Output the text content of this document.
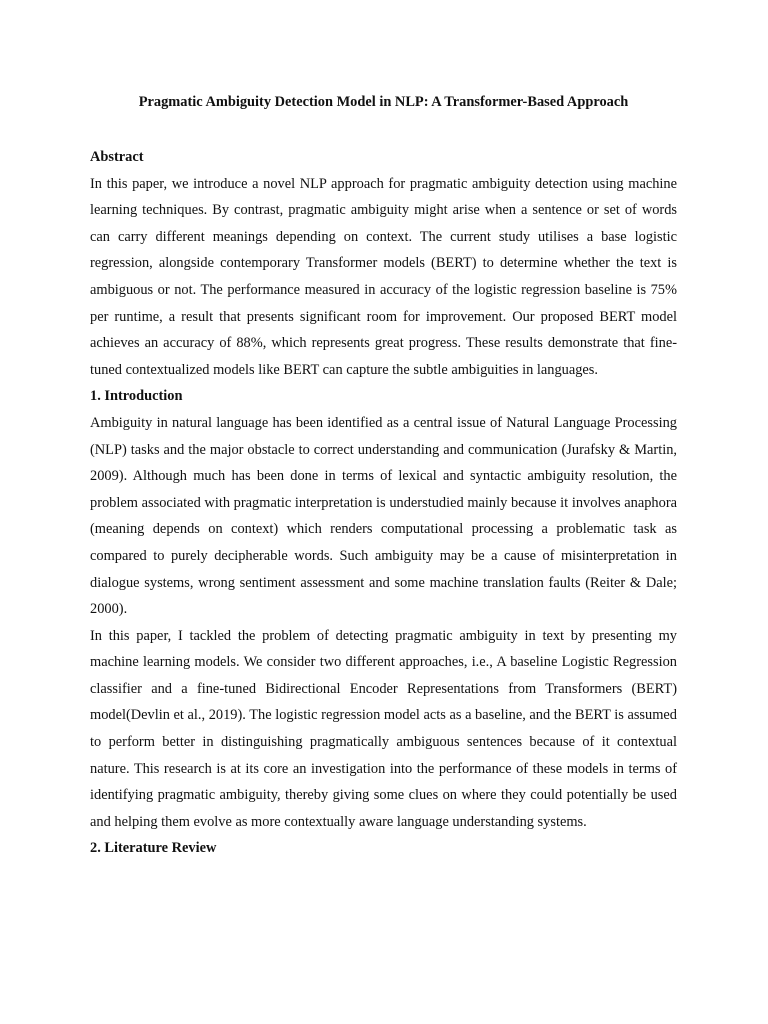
Pragmatic Ambiguity Detection Model in NLP: A Transformer-Based Approach
Abstract

In this paper, we introduce a novel NLP approach for pragmatic ambiguity detection using machine learning techniques. By contrast, pragmatic ambiguity might arise when a sentence or set of words can carry different meanings depending on context. The current study utilises a base logistic regression, alongside contemporary Transformer models (BERT) to determine whether the text is ambiguous or not. The performance measured in accuracy of the logistic regression baseline is 75% per runtime, a result that presents significant room for improvement. Our proposed BERT model achieves an accuracy of 88%, which represents great progress. These results demonstrate that fine-tuned contextualized models like BERT can capture the subtle ambiguities in languages.

1. Introduction

Ambiguity in natural language has been identified as a central issue of Natural Language Processing (NLP) tasks and the major obstacle to correct understanding and communication (Jurafsky & Martin, 2009). Although much has been done in terms of lexical and syntactic ambiguity resolution, the problem associated with pragmatic interpretation is understudied mainly because it involves anaphora (meaning depends on context) which renders computational processing a problematic task as compared to purely decipherable words. Such ambiguity may be a cause of misinterpretation in dialogue systems, wrong sentiment assessment and some machine translation faults (Reiter & Dale; 2000).

In this paper, I tackled the problem of detecting pragmatic ambiguity in text by presenting my machine learning models. We consider two different approaches, i.e., A baseline Logistic Regression classifier and a fine-tuned Bidirectional Encoder Representations from Transformers (BERT) model(Devlin et al., 2019). The logistic regression model acts as a baseline, and the BERT is assumed to perform better in distinguishing pragmatically ambiguous sentences because of it contextual nature. This research is at its core an investigation into the performance of these models in terms of identifying pragmatic ambiguity, thereby giving some clues on where they could potentially be used and helping them evolve as more contextually aware language understanding systems.

2. Literature Review
